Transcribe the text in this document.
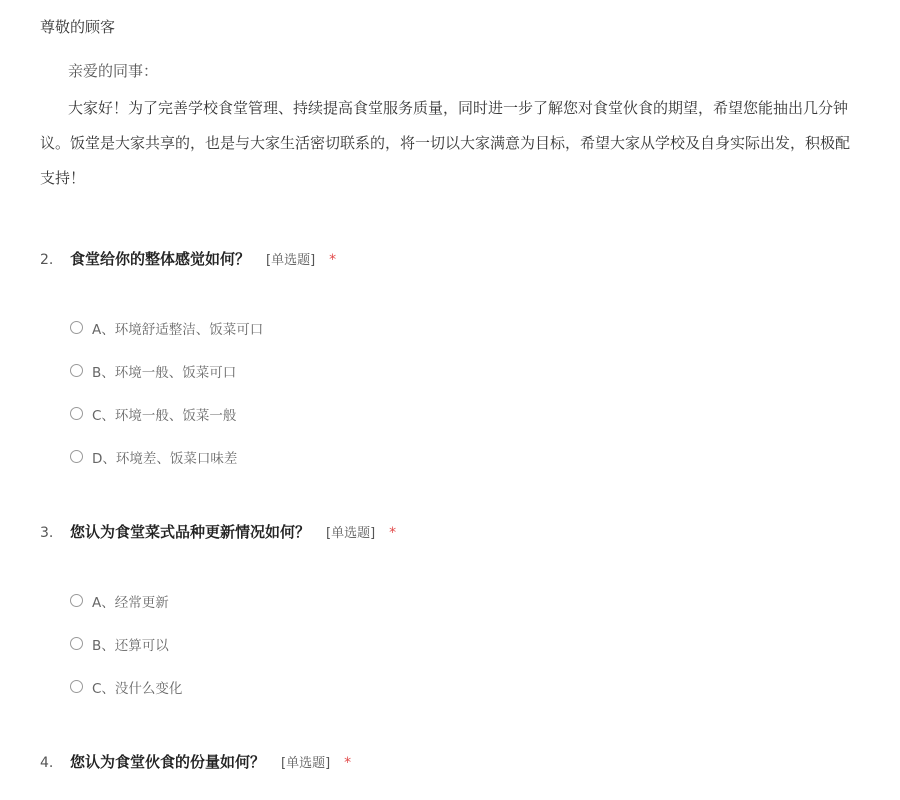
尊敬的顾客
亲爱的同事：
大家好！为了完善学校食堂管理、持续提高食堂服务质量，同时进一步了解您对食堂伙食的期望，希望您能抽出几分钟
议。饭堂是大家共享的，也是与大家生活密切联系的，将一切以大家满意为目标，希望大家从学校及自身实际出发，积极配
支持！
2.	食堂给你的整体感觉如何？ [单选题] *
A、环境舒适整洁、饭菜可口
B、环境一般、饭菜可口
C、环境一般、饭菜一般
D、环境差、饭菜口味差
3.	您认为食堂菜式品种更新情况如何？ [单选题] *
A、经常更新
B、还算可以
C、没什么变化
4.	您认为食堂伙食的份量如何？ [单选题] *
